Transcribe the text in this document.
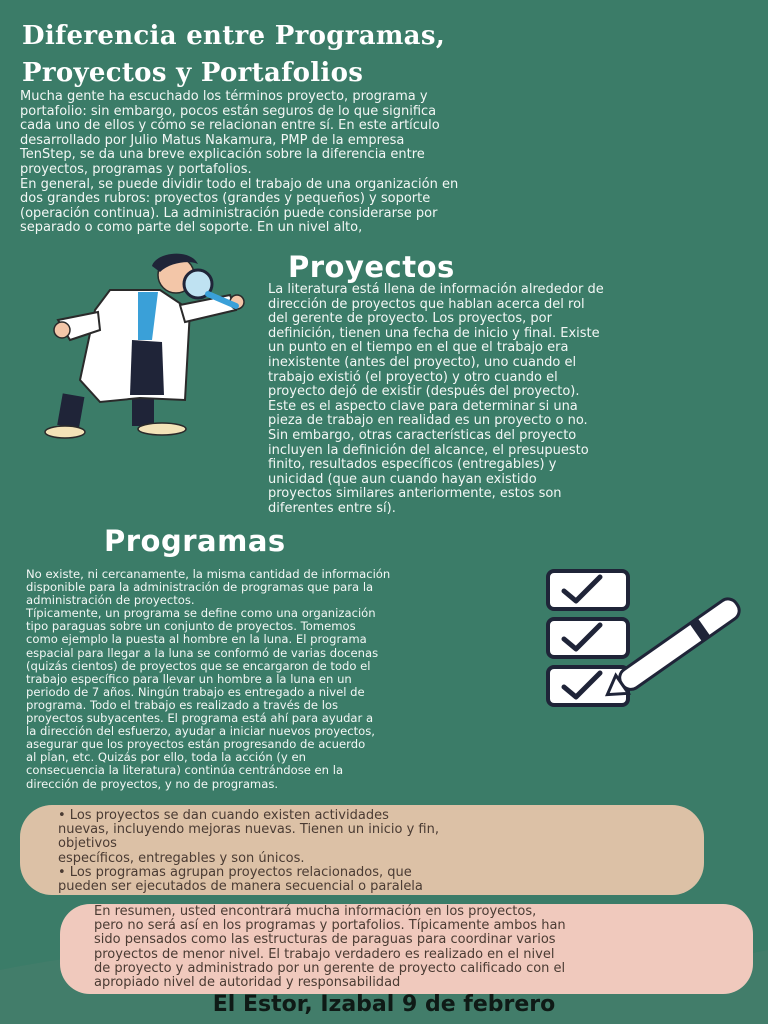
Diferencia entre Programas,
Proyectos y Portafolios

Mucha gente ha escuchado los términos proyecto, programa y
portafolio: sin embargo, pocos están seguros de lo que significa
cada uno de ellos y cómo se relacionan entre sí. En este artículo
desarrollado por Julio Matus Nakamura, PMP de la empresa
TenStep, se da una breve explicación sobre la diferencia entre
proyectos, programas y portafolios.
En general, se puede dividir todo el trabajo de una organización en
dos grandes rubros: proyectos (grandes y pequeños) y soporte
(operación continua). La administración puede considerarse por
separado o como parte del soporte. En un nivel alto,

Proyectos
La literatura está llena de información alrededor de
dirección de proyectos que hablan acerca del rol
del gerente de proyecto. Los proyectos, por
definición, tienen una fecha de inicio y final. Existe
un punto en el tiempo en el que el trabajo era
inexistente (antes del proyecto), uno cuando el
trabajo existió (el proyecto) y otro cuando el
proyecto dejó de existir (después del proyecto).
Este es el aspecto clave para determinar si una
pieza de trabajo en realidad es un proyecto o no.
Sin embargo, otras características del proyecto
incluyen la definición del alcance, el presupuesto
finito, resultados específicos (entregables) y
unicidad (que aun cuando hayan existido
proyectos similares anteriormente, estos son
diferentes entre sí).
Programas
No existe, ni cercanamente, la misma cantidad de información
disponible para la administración de programas que para la
administración de proyectos.
Típicamente, un programa se define como una organización
tipo paraguas sobre un conjunto de proyectos. Tomemos
como ejemplo la puesta al hombre en la luna. El programa
espacial para llegar a la luna se conformó de varias docenas
(quizás cientos) de proyectos que se encargaron de todo el
trabajo específico para llevar un hombre a la luna en un
periodo de 7 años. Ningún trabajo es entregado a nivel de
programa. Todo el trabajo es realizado a través de los
proyectos subyacentes. El programa está ahí para ayudar a
la dirección del esfuerzo, ayudar a iniciar nuevos proyectos,
asegurar que los proyectos están progresando de acuerdo
al plan, etc. Quizás por ello, toda la acción (y en
consecuencia la literatura) continúa centrándose en la
dirección de proyectos, y no de programas.
• Los proyectos se dan cuando existen actividades
nuevas, incluyendo mejoras nuevas. Tienen un inicio y fin,
objetivos
específicos, entregables y son únicos.
• Los programas agrupan proyectos relacionados, que
pueden ser ejecutados de manera secuencial o paralela
En resumen, usted encontrará mucha información en los proyectos,
pero no será así en los programas y portafolios. Típicamente ambos han
sido pensados como las estructuras de paraguas para coordinar varios
proyectos de menor nivel. El trabajo verdadero es realizado en el nivel
de proyecto y administrado por un gerente de proyecto calificado con el
apropiado nivel de autoridad y responsabilidad
El Estor, Izabal 9 de febrero
